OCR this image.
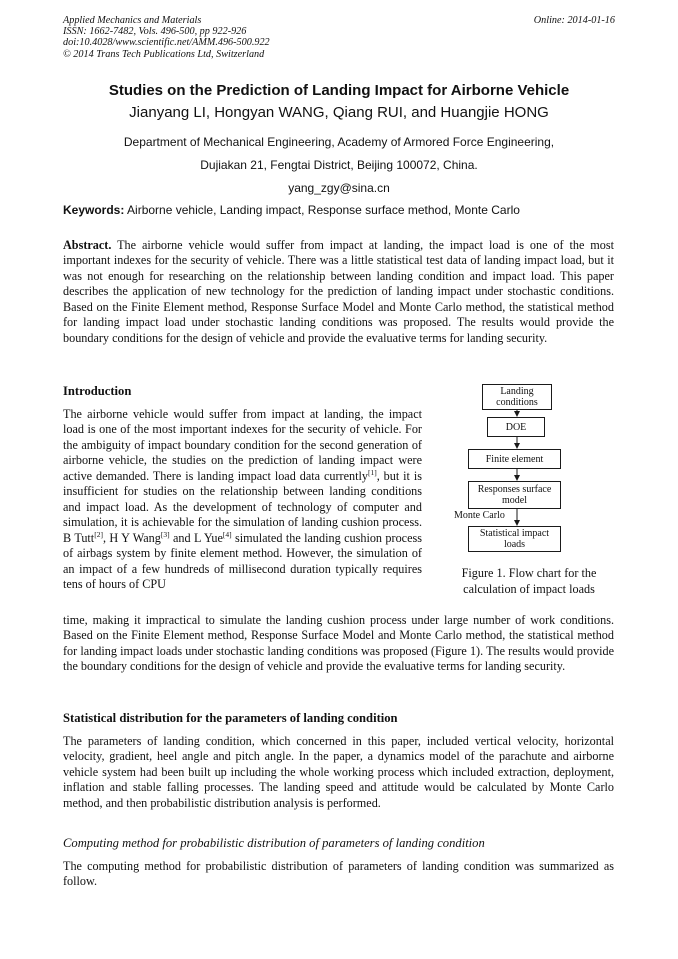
Applied Mechanics and Materials
ISSN: 1662-7482, Vols. 496-500, pp 922-926
doi:10.4028/www.scientific.net/AMM.496-500.922
© 2014 Trans Tech Publications Ltd, Switzerland
Online: 2014-01-16
Studies on the Prediction of Landing Impact for Airborne Vehicle
Jianyang LI, Hongyan WANG, Qiang RUI, and Huangjie HONG
Department of Mechanical Engineering, Academy of Armored Force Engineering,
Dujiakan 21, Fengtai District, Beijing 100072, China.
yang_zgy@sina.cn
Keywords: Airborne vehicle, Landing impact, Response surface method, Monte Carlo
Abstract. The airborne vehicle would suffer from impact at landing, the impact load is one of the most important indexes for the security of vehicle. There was a little statistical test data of landing impact load, but it was not enough for researching on the relationship between landing condition and impact load. This paper describes the application of new technology for the prediction of landing impact under stochastic conditions. Based on the Finite Element method, Response Surface Model and Monte Carlo method, the statistical method for landing impact load under stochastic landing conditions was proposed. The results would provide the boundary conditions for the design of vehicle and provide the evaluative terms for landing security.
Introduction
The airborne vehicle would suffer from impact at landing, the impact load is one of the most important indexes for the security of vehicle. For the ambiguity of impact boundary condition for the second generation of airborne vehicle, the studies on the prediction of landing impact were active demanded. There is landing impact load data currently[1], but it is insufficient for studies on the relationship between landing conditions and impact load. As the development of technology of computer and simulation, it is achievable for the simulation of landing cushion process. B Tutt[2], H Y Wang[3] and L Yue[4] simulated the landing cushion process of airbags system by finite element method. However, the simulation of an impact of a few hundreds of millisecond duration typically requires tens of hours of CPU
Landing conditions
DOE
Finite element
Responses surface model
Monte Carlo
Statistical impact loads
Figure 1. Flow chart for the calculation of impact loads
time, making it impractical to simulate the landing cushion process under large number of work conditions. Based on the Finite Element method, Response Surface Model and Monte Carlo method, the statistical method for landing impact loads under stochastic landing conditions was proposed (Figure 1). The results would provide the boundary conditions for the design of vehicle and provide the evaluative terms for landing security.
Statistical distribution for the parameters of landing condition
The parameters of landing condition, which concerned in this paper, included vertical velocity, horizontal velocity, gradient, heel angle and pitch angle. In the paper, a dynamics model of the parachute and airborne vehicle system had been built up including the whole working process which included extraction, deployment, inflation and stable falling processes. The landing speed and attitude would be calculated by Monte Carlo method, and then probabilistic distribution analysis is performed.
Computing method for probabilistic distribution of parameters of landing condition
The computing method for probabilistic distribution of parameters of landing condition was summarized as follow.
